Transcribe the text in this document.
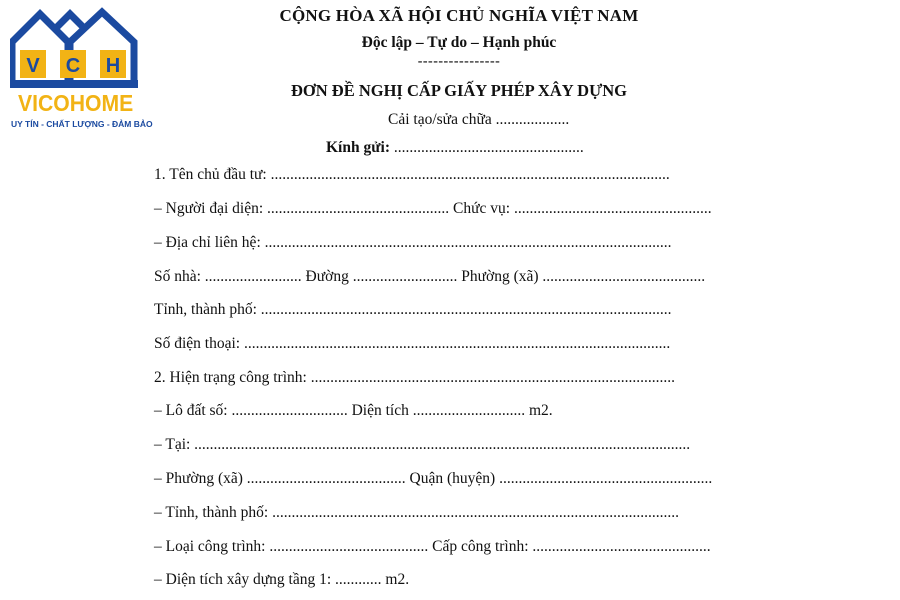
V C H
VICOHOME
UY TÍN - CHẤT LƯỢNG - ĐẢM BẢO
CỘNG HÒA XÃ HỘI CHỦ NGHĨA VIỆT NAM
Độc lập – Tự do – Hạnh phúc
----------------
ĐƠN ĐỀ NGHỊ CẤP GIẤY PHÉP XÂY DỰNG
Cải tạo/sửa chữa ...................
Kính gửi: .................................................
1. Tên chủ đầu tư: .......................................................................................................
– Người đại diện: ............................................... Chức vụ: ...................................................
– Địa chỉ liên hệ: .........................................................................................................
Số nhà: ......................... Đường ........................... Phường (xã) ..........................................
Tỉnh, thành phố: ..........................................................................................................
Số điện thoại: ..............................................................................................................
2. Hiện trạng công trình: ..............................................................................................
– Lô đất số: .............................. Diện tích ............................. m2.
– Tại: ................................................................................................................................
– Phường (xã) ......................................... Quận (huyện) .......................................................
– Tỉnh, thành phố: .........................................................................................................
– Loại công trình: ......................................... Cấp công trình: ..............................................
– Diện tích xây dựng tầng 1: ............ m2.
